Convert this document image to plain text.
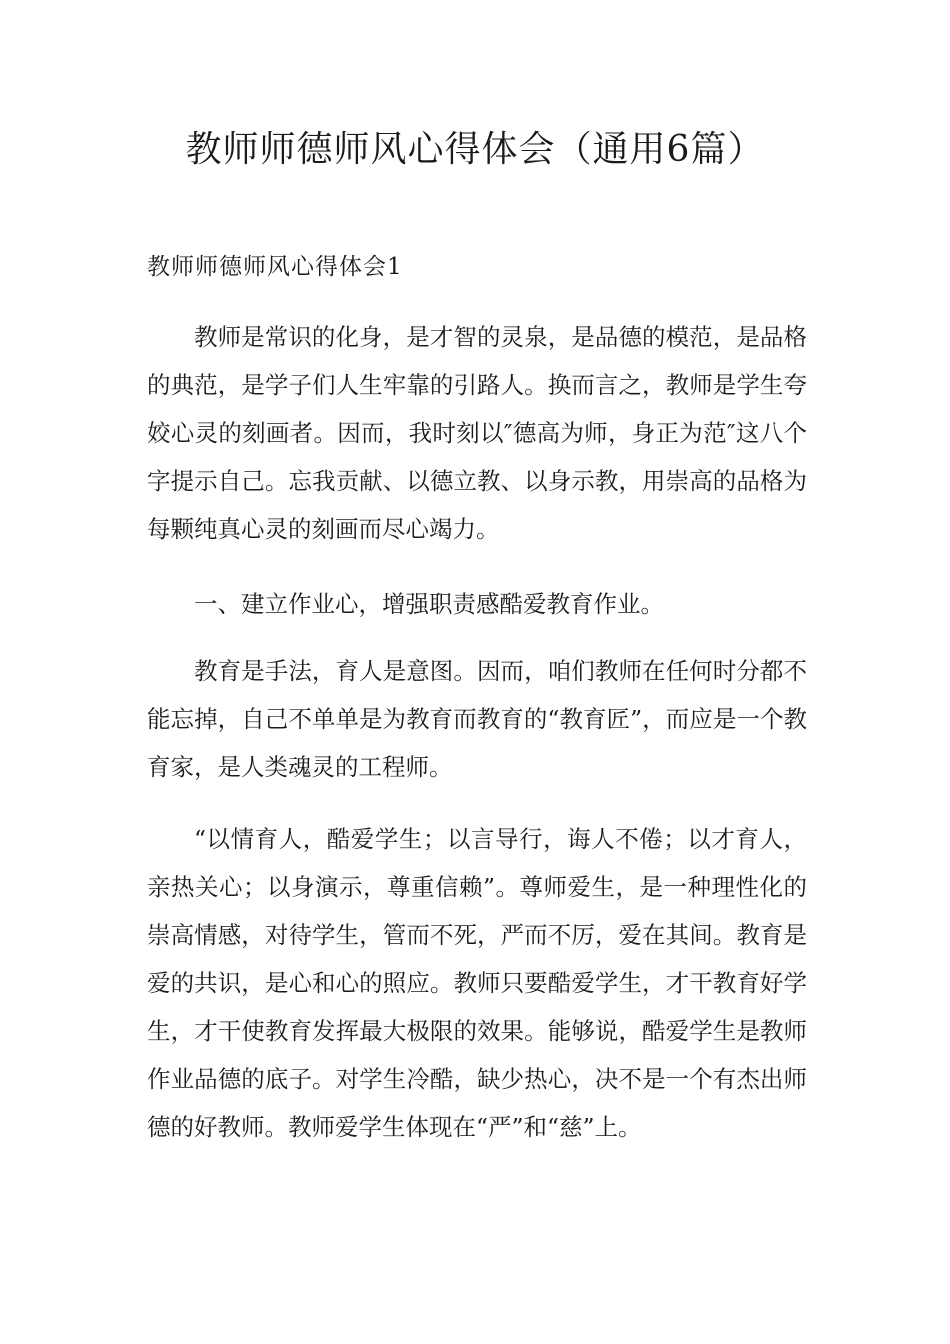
教师师德师风心得体会（通用6篇）
教师师德师风心得体会1

教师是常识的化身，是才智的灵泉，是品德的模范，是品格的典范，是学子们人生牢靠的引路人。换而言之，教师是学生夸姣心灵的刻画者。因而，我时刻以″德高为师，身正为范″这八个字提示自己。忘我贡献、以德立教、以身示教，用崇高的品格为每颗纯真心灵的刻画而尽心竭力。

一、建立作业心，增强职责感酷爱教育作业。

教育是手法，育人是意图。因而，咱们教师在任何时分都不能忘掉，自己不单单是为教育而教育的“教育匠”，而应是一个教育家，是人类魂灵的工程师。

“以情育人，酷爱学生；以言导行，诲人不倦；以才育人，亲热关心；以身演示，尊重信赖”。尊师爱生，是一种理性化的崇高情感，对待学生，管而不死，严而不厉，爱在其间。教育是爱的共识，是心和心的照应。教师只要酷爱学生，才干教育好学生，才干使教育发挥最大极限的效果。能够说，酷爱学生是教师作业品德的底子。对学生冷酷，缺少热心，决不是一个有杰出师德的好教师。教师爱学生体现在“严”和“慈”上。
